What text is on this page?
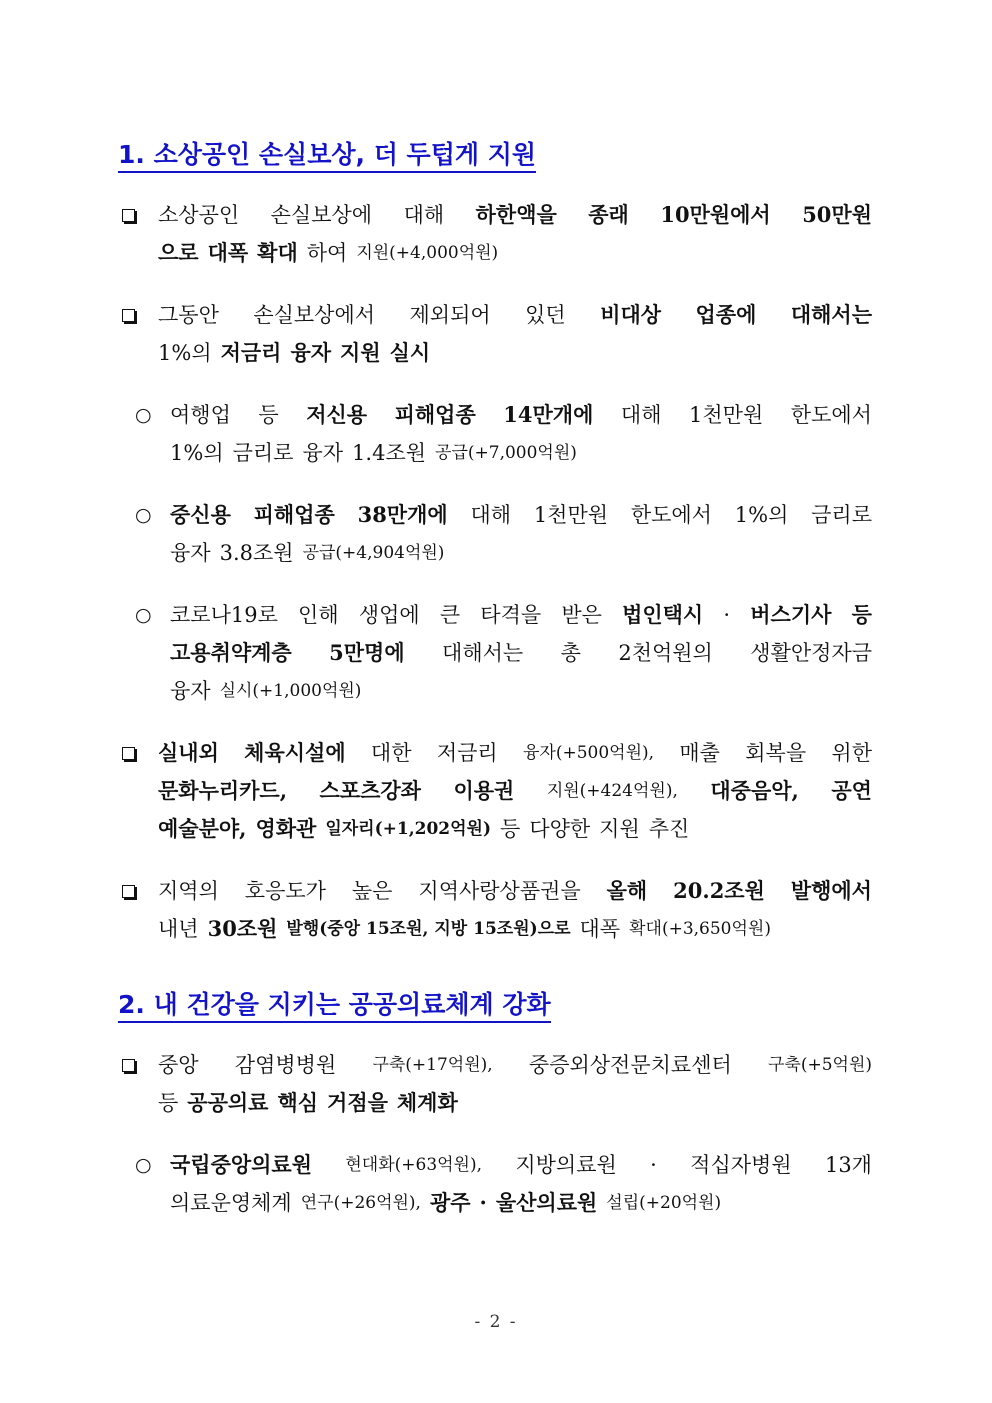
1. 소상공인 손실보상, 더 두텁게 지원
소상공인 손실보상에 대해 하한액을 종래 10만원에서 50만원
으로 대폭 확대 하여 지원(+4,000억원)
그동안 손실보상에서 제외되어 있던 비대상 업종에 대해서는
1%의 저금리 융자 지원 실시
○ 여행업 등 저신용 피해업종 14만개에 대해 1천만원 한도에서
1%의 금리로 융자 1.4조원 공급(+7,000억원)
○ 중신용 피해업종 38만개에 대해 1천만원 한도에서 1%의 금리로
융자 3.8조원 공급(+4,904억원)
○ 코로나19로 인해 생업에 큰 타격을 받은 법인택시 · 버스기사 등
고용취약계층 5만명에 대해서는 총 2천억원의 생활안정자금
융자 실시(+1,000억원)
실내외 체육시설에 대한 저금리 융자(+500억원), 매출 회복을 위한
문화누리카드, 스포츠강좌 이용권 지원(+424억원), 대중음악, 공연
예술분야, 영화관 일자리(+1,202억원) 등 다양한 지원 추진
지역의 호응도가 높은 지역사랑상품권을 올해 20.2조원 발행에서
내년 30조원 발행(중앙 15조원, 지방 15조원)으로 대폭 확대(+3,650억원)
2. 내 건강을 지키는 공공의료체계 강화
중앙 감염병병원 구축(+17억원), 중증외상전문치료센터 구축(+5억원)
등 공공의료 핵심 거점을 체계화
○ 국립중앙의료원 현대화(+63억원), 지방의료원 · 적십자병원 13개
의료운영체계 연구(+26억원), 광주 · 울산의료원 설립(+20억원)
- 2 -
